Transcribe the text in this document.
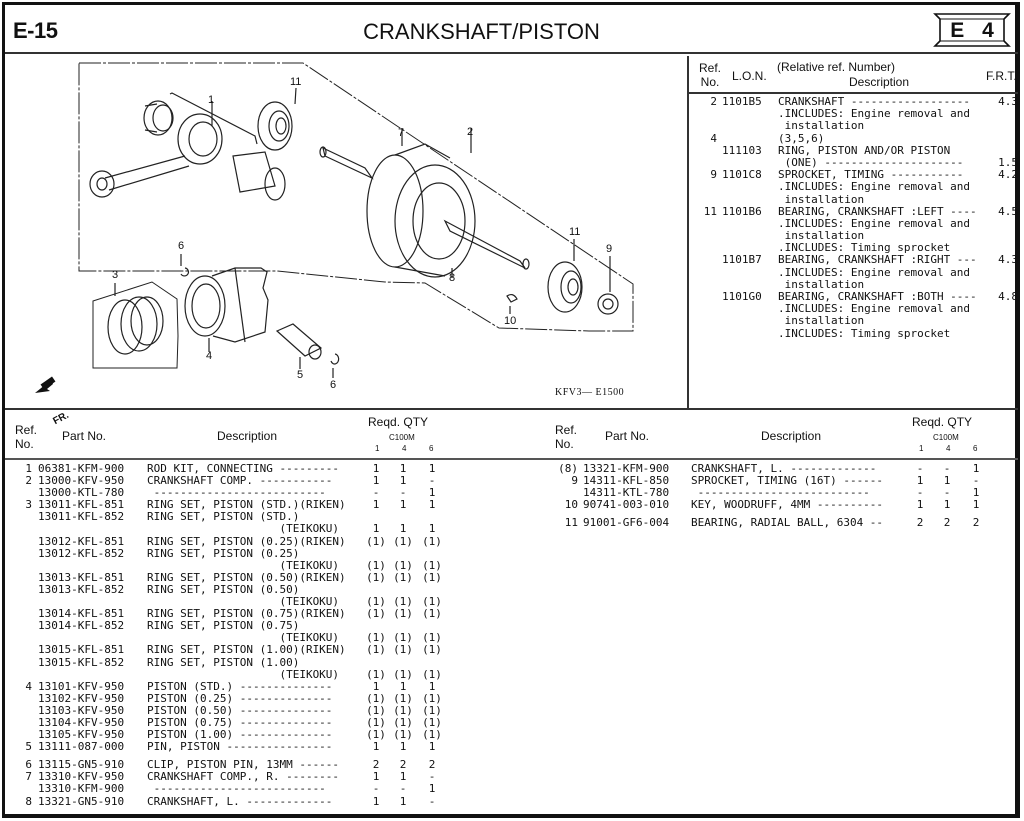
E-15	CRANKSHAFT/PISTON	E 4
1
11
7	2
6
3
4
5
6
8
11
9
10
FR.
KFV3— E1500
Ref.
No. L.O.N.
(Relative ref. Number)
Description	F.R.T.
2 1101B5 CRANKSHAFT ------------------	4.3
.INCLUDES: Engine removal and
installation
4	(3,5,6)
111103 RING, PISTON AND/OR PISTON
(ONE) ---------------------	1.5
9 1101C8 SPROCKET, TIMING -----------	4.2
.INCLUDES: Engine removal and
installation
11 1101B6 BEARING, CRANKSHAFT :LEFT ----	4.5
.INCLUDES: Engine removal and
installation
.INCLUDES: Timing sprocket
1101B7 BEARING, CRANKSHAFT :RIGHT ---	4.3
.INCLUDES: Engine removal and
installation
1101G0 BEARING, CRANKSHAFT :BOTH ----	4.8
.INCLUDES: Engine removal and
installation
.INCLUDES: Timing sprocket
Ref.
No.
Part No.	Description
Reqd. QTY
C100M
1	4	6
1 06381-KFM-900 ROD KIT, CONNECTING ---------	1	1	1
2 13000-KFV-950 CRANKSHAFT COMP. -----------	1	1	-
13000-KTL-780 --------------------------	-	-	1
3 13011-KFL-851 RING SET, PISTON (STD.)(RIKEN)	1	1	1
13011-KFL-852 RING SET, PISTON (STD.)
(TEIKOKU)	1	1	1
13012-KFL-851 RING SET, PISTON (0.25)(RIKEN) (1) (1) (1)
13012-KFL-852 RING SET, PISTON (0.25)
(TEIKOKU) (1) (1) (1)
13013-KFL-851 RING SET, PISTON (0.50)(RIKEN) (1) (1) (1)
13013-KFL-852 RING SET, PISTON (0.50)
(TEIKOKU) (1) (1) (1)
13014-KFL-851 RING SET, PISTON (0.75)(RIKEN) (1) (1) (1)
13014-KFL-852 RING SET, PISTON (0.75)
(TEIKOKU) (1) (1) (1)
13015-KFL-851 RING SET, PISTON (1.00)(RIKEN) (1) (1) (1)
13015-KFL-852 RING SET, PISTON (1.00)
(TEIKOKU) (1) (1) (1)
4 13101-KFV-950 PISTON (STD.) --------------	1	1	1
13102-KFV-950 PISTON (0.25) --------------	(1) (1) (1)
13103-KFV-950 PISTON (0.50) --------------	(1) (1) (1)
13104-KFV-950 PISTON (0.75) --------------	(1) (1) (1)
13105-KFV-950 PISTON (1.00) --------------	(1) (1) (1)
5 13111-087-000 PIN, PISTON ----------------	1	1	1
6 13115-GN5-910 CLIP, PISTON PIN, 13MM ------	2	2	2
7 13310-KFV-950 CRANKSHAFT COMP., R. --------	1	1	-
13310-KFM-900 --------------------------	-	-	1
8 13321-GN5-910 CRANKSHAFT, L. -------------	1	1	-
Ref.
No.
Part No.	Description
Reqd. QTY
C100M
1	4	6
(8) 13321-KFM-900 CRANKSHAFT, L. -------------	-	-	1
9 14311-KFL-850 SPROCKET, TIMING (16T) ------	1	1	-
14311-KTL-780 --------------------------	-	-	1
10 90741-003-010 KEY, WOODRUFF, 4MM ----------	1	1	1
11 91001-GF6-004 BEARING, RADIAL BALL, 6304 --	2	2	2
